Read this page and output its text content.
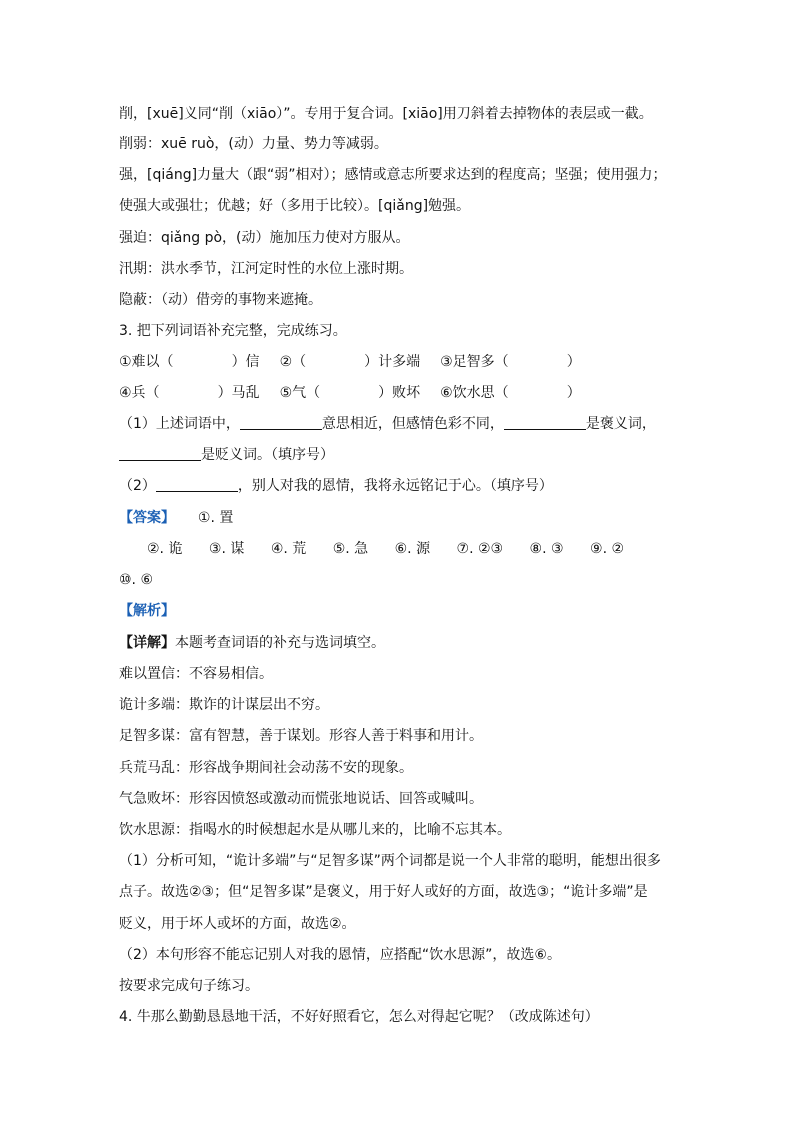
削，[xuē]义同“削（xiāo）”。专用于复合词。[xiāo]用刀斜着去掉物体的表层或一截。
削弱：xuē ruò，(动）力量、势力等减弱。
强，[qiáng]力量大（跟“弱”相对）；感情或意志所要求达到的程度高；坚强；使用强力；
使强大或强壮；优越；好（多用于比较）。[qiǎng]勉强。
强迫：qiǎng pò，(动）施加压力使对方服从。
汛期：洪水季节，江河定时性的水位上涨时期。
隐蔽：（动）借旁的事物来遮掩。
3. 把下列词语补充完整，完成练习。
①难以（	）信 ②（	）计多端 ③足智多（	）
④兵（	）马乱 ⑤气（	）败坏 ⑥饮水思（	）
（1）上述词语中，	意思相近，但感情色彩不同，	是褒义词，
是贬义词。（填序号）
（2）	，别人对我的恩情，我将永远铭记于心。（填序号）
【答案】 ①. 置
②. 诡 ③. 谋 ④. 荒 ⑤. 急 ⑥. 源 ⑦. ②③ ⑧. ③ ⑨. ②
⑩. ⑥
【解析】
【详解】本题考查词语的补充与选词填空。
难以置信：不容易相信。
诡计多端：欺诈的计谋层出不穷。
足智多谋：富有智慧，善于谋划。形容人善于料事和用计。
兵荒马乱：形容战争期间社会动荡不安的现象。
气急败坏：形容因愤怒或激动而慌张地说话、回答或喊叫。
饮水思源：指喝水的时候想起水是从哪儿来的，比喻不忘其本。
（1）分析可知，“诡计多端”与“足智多谋”两个词都是说一个人非常的聪明，能想出很多
点子。故选②③；但“足智多谋”是褒义，用于好人或好的方面，故选③；“诡计多端”是
贬义，用于坏人或坏的方面，故选②。
（2）本句形容不能忘记别人对我的恩情，应搭配“饮水思源”，故选⑥。
按要求完成句子练习。
4. 牛那么勤勤恳恳地干活，不好好照看它，怎么对得起它呢？（改成陈述句）
